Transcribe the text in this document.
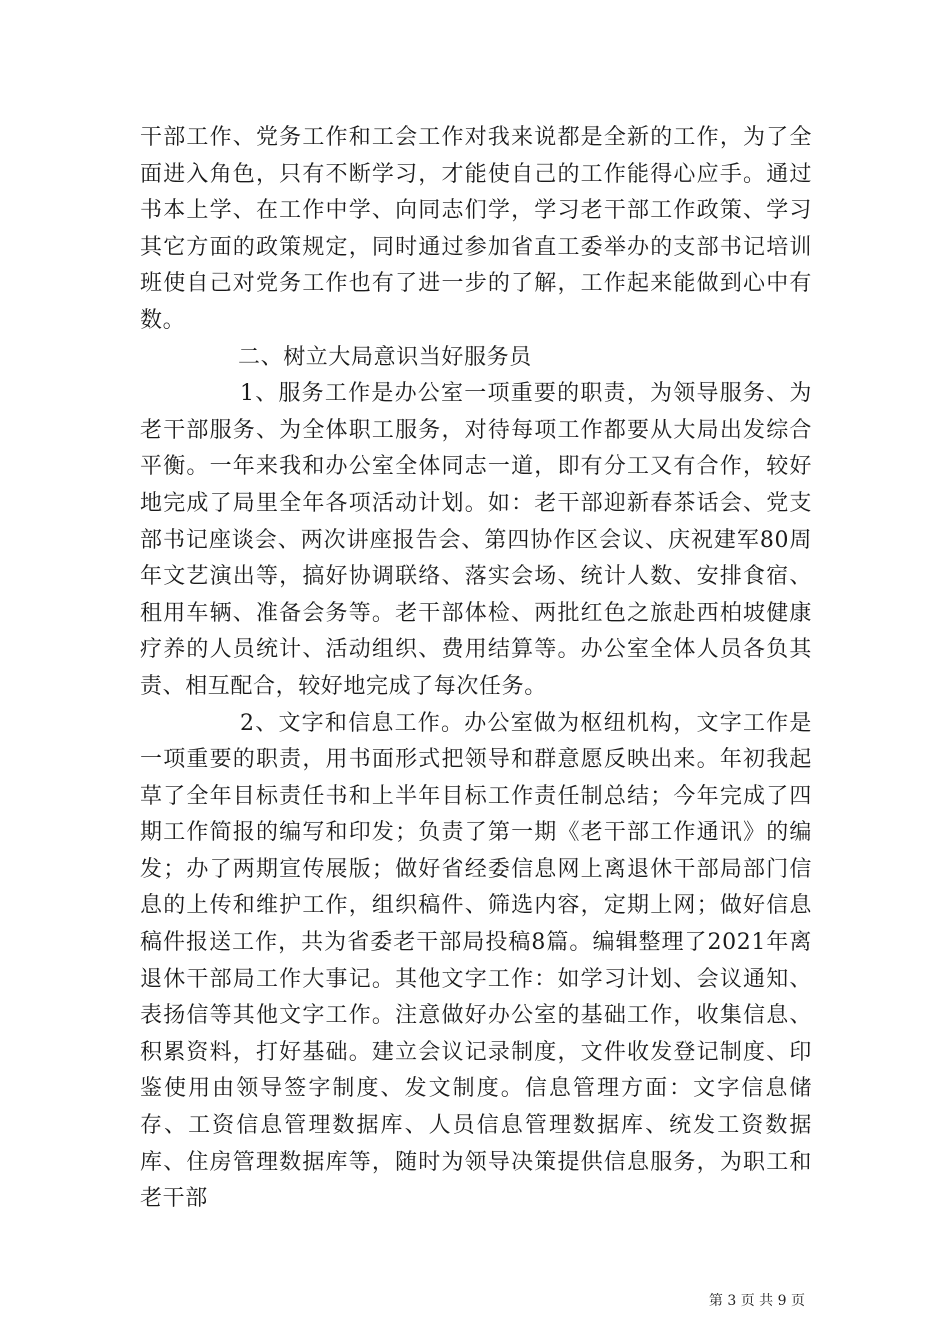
干部工作、党务工作和工会工作对我来说都是全新的工作，为了全面进入角色，只有不断学习，才能使自己的工作能得心应手。通过书本上学、在工作中学、向同志们学，学习老干部工作政策、学习其它方面的政策规定，同时通过参加省直工委举办的支部书记培训班使自己对党务工作也有了进一步的了解，工作起来能做到心中有数。

二、树立大局意识当好服务员

1、服务工作是办公室一项重要的职责，为领导服务、为老干部服务、为全体职工服务，对待每项工作都要从大局出发综合平衡。一年来我和办公室全体同志一道，即有分工又有合作，较好地完成了局里全年各项活动计划。如：老干部迎新春茶话会、党支部书记座谈会、两次讲座报告会、第四协作区会议、庆祝建军80周年文艺演出等，搞好协调联络、落实会场、统计人数、安排食宿、租用车辆、准备会务等。老干部体检、两批红色之旅赴西柏坡健康疗养的人员统计、活动组织、费用结算等。办公室全体人员各负其责、相互配合，较好地完成了每次任务。

2、文字和信息工作。办公室做为枢纽机构，文字工作是一项重要的职责，用书面形式把领导和群意愿反映出来。年初我起草了全年目标责任书和上半年目标工作责任制总结；今年完成了四期工作简报的编写和印发；负责了第一期《老干部工作通讯》的编发；办了两期宣传展版；做好省经委信息网上离退休干部局部门信息的上传和维护工作，组织稿件、筛选内容，定期上网；做好信息稿件报送工作，共为省委老干部局投稿8篇。编辑整理了2021年离退休干部局工作大事记。其他文字工作：如学习计划、会议通知、表扬信等其他文字工作。注意做好办公室的基础工作，收集信息、积累资料，打好基础。建立会议记录制度，文件收发登记制度、印鉴使用由领导签字制度、发文制度。信息管理方面：文字信息储存、工资信息管理数据库、人员信息管理数据库、统发工资数据库、住房管理数据库等，随时为领导决策提供信息服务，为职工和老干部

第 3 页 共 9 页
